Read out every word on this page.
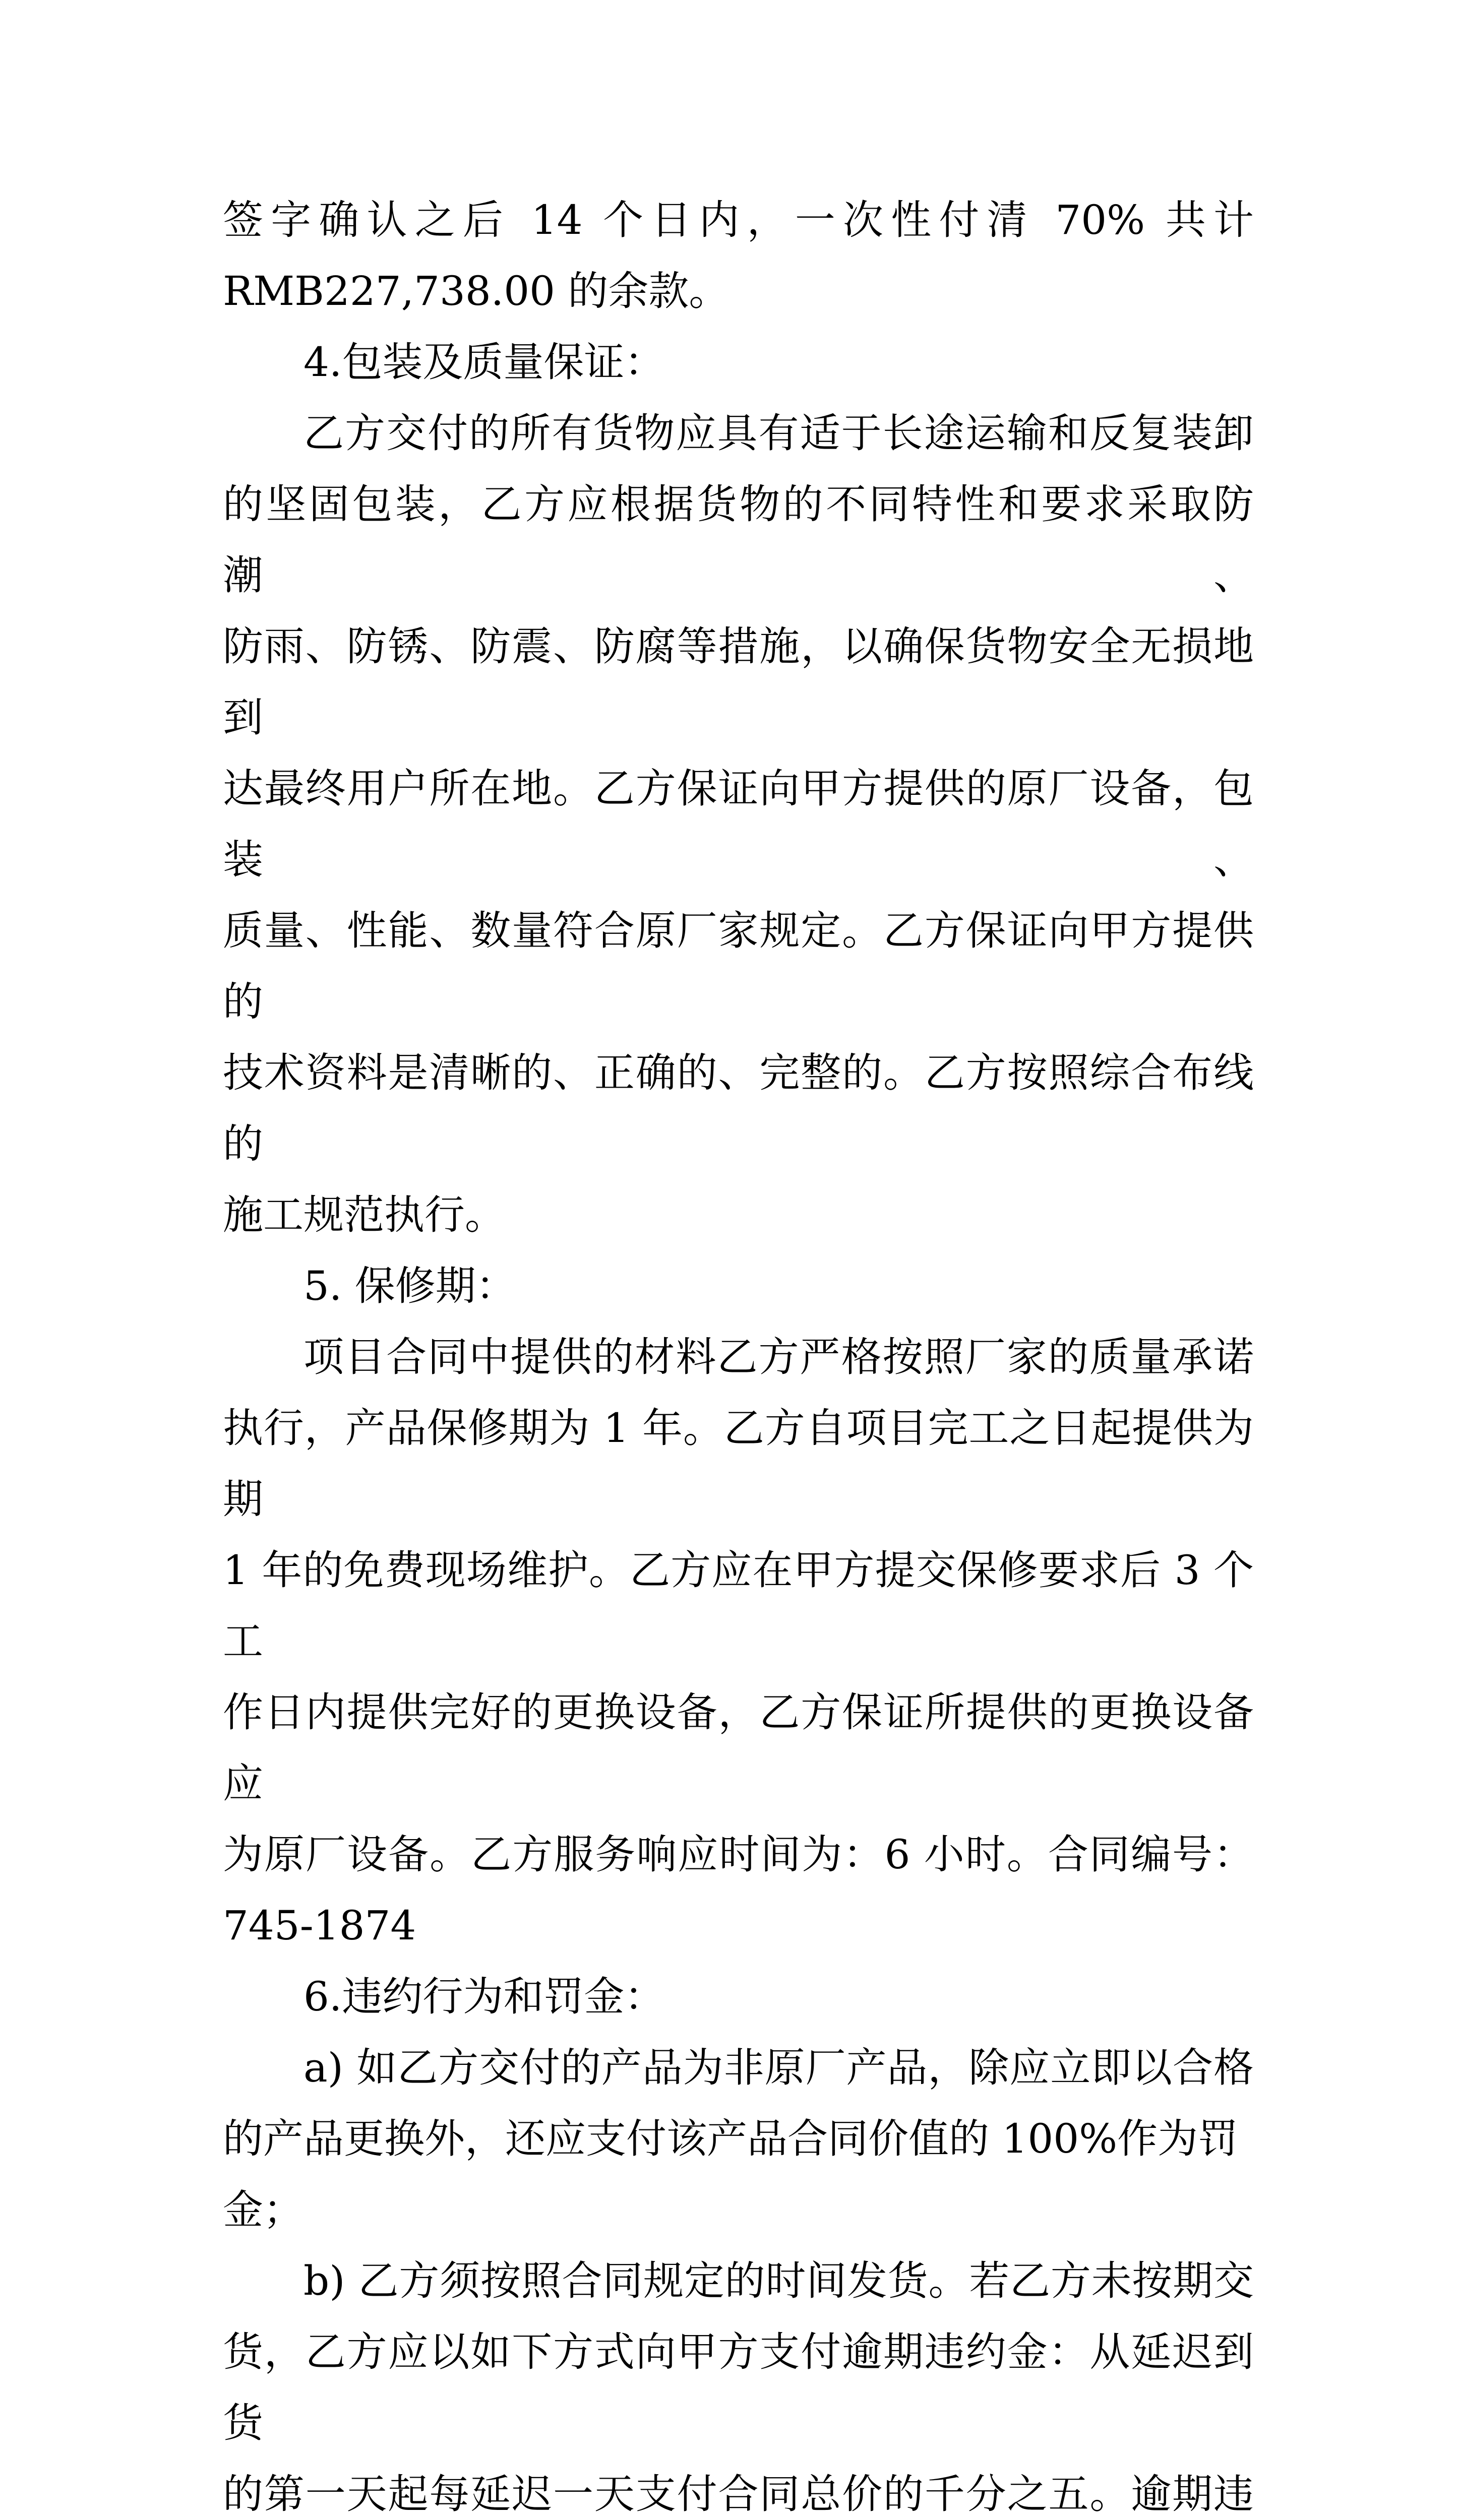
签字确认之后 14 个日内，一次性付清 70% 共计

RMB227,738.00 的余款。

4.包装及质量保证：

乙方交付的所有货物应具有适于长途运输和反复装卸

的坚固包装，乙方应根据货物的不同特性和要求采取防潮、

防雨、防锈、防震、防腐等措施，以确保货物安全无损地到

达最终用户所在地。乙方保证向甲方提供的原厂设备，包装、

质量、性能、数量符合原厂家规定。乙方保证向甲方提供的

技术资料是清晰的、正确的、完整的。乙方按照综合布线的

施工规范执行。

5. 保修期：

项目合同中提供的材料乙方严格按照厂家的质量承诺

执行，产品保修期为 1 年。乙方自项目完工之日起提供为期

1 年的免费现场维护。乙方应在甲方提交保修要求后 3 个工

作日内提供完好的更换设备，乙方保证所提供的更换设备应

为原厂设备。乙方服务响应时间为：6 小时。合同编号：

745-1874

6.违约行为和罚金：

a) 如乙方交付的产品为非原厂产品，除应立即以合格

的产品更换外，还应支付该产品合同价值的 100%作为罚金；

b) 乙方须按照合同规定的时间发货。若乙方未按期交

货，乙方应以如下方式向甲方支付逾期违约金：从延迟到货

的第一天起每延迟一天支付合同总价的千分之五。逾期违
